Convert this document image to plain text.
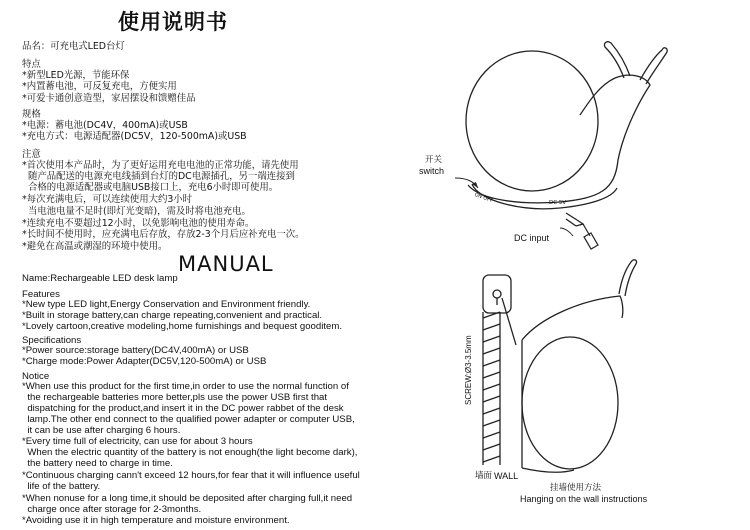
使用说明书
品名：可充电式LED台灯
特点
*新型LED光源，节能环保
*内置蓄电池，可反复充电，方便实用
*可爱卡通创意造型，家居摆设和馈赠佳品
规格
*电源：蓄电池(DC4V，400mA)或USB
*充电方式：电源适配器(DC5V，120-500mA)或USB
注意
*首次使用本产品时，为了更好运用充电电池的正常功能，请先使用
随产品配送的电源充电线插到台灯的DC电源插孔，另一端连接到
合格的电源适配器或电脑USB接口上，充电6小时即可使用。
*每次充满电后，可以连续使用大约3小时
当电池电量不足时(即灯光变暗)，需及时将电池充电。
*连续充电不要超过12小时，以免影响电池的使用寿命。
*长时间不使用时，应充满电后存放，存放2-3个月后应补充电一次。
*避免在高温或潮湿的环境中使用。
MANUAL
Name:Rechargeable LED desk lamp
Features
*New type LED light,Energy Conservation and Environment friendly.
*Built in storage battery,can charge repeating,convenient and practical.
*Lovely cartoon,creative modeling,home furnishings and bequest gooditem.
Specifications
*Power source:storage battery(DC4V,400mA) or USB
*Charge mode:Power Adapter(DC5V,120-500mA) or USB
Notice
*When use this product for the first time,in order to use the normal function of
the rechargeable batteries more better,pls use the power USB first that
dispatching for the product,and insert it in the DC power rabbet of the desk
lamp.The other end connect to the qualified power adapter or computer USB,
it can be use after charging 6 hours.
*Every time full of electricity, can use for about 3 hours
When the electric quantity of the battery is not enough(the light become dark),
the battery need to charge in time.
*Continuous charging cann't exceed 12 hours,for fear that it will influence useful
life of the battery.
*When nonuse for a long time,it should be deposited after charging full,it need
charge once after storage for 2-3months.
*Avoiding use it in high temperature and moisture environment.
开关
switch
ON OFF	DC 5V
DC input
SCREW:Ø3-3.5mm
墙面 WALL
挂墙使用方法
Hanging on the wall instructions
